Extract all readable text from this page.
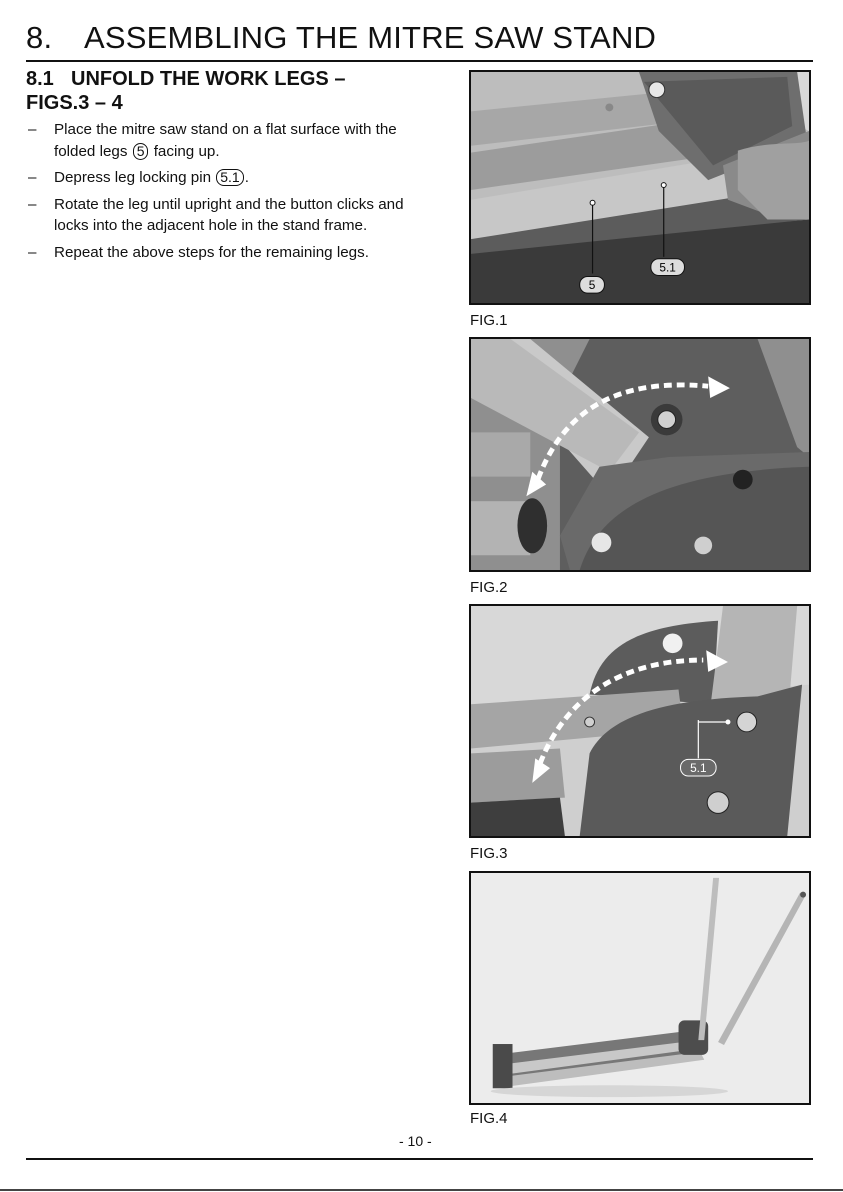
8. ASSEMBLING THE MITRE SAW STAND
8.1 UNFOLD THE WORK LEGS –
FIGS.3 – 4
– Place the mitre saw stand on a flat surface with the folded legs 5 facing up.
– Depress leg locking pin 5.1 .
– Rotate the leg until upright and the button clicks and locks into the adjacent hole in the stand frame.
– Repeat the above steps for the remaining legs.
5
5.1
FIG.1
FIG.2
5.1
FIG.3
FIG.4
- 10 -
